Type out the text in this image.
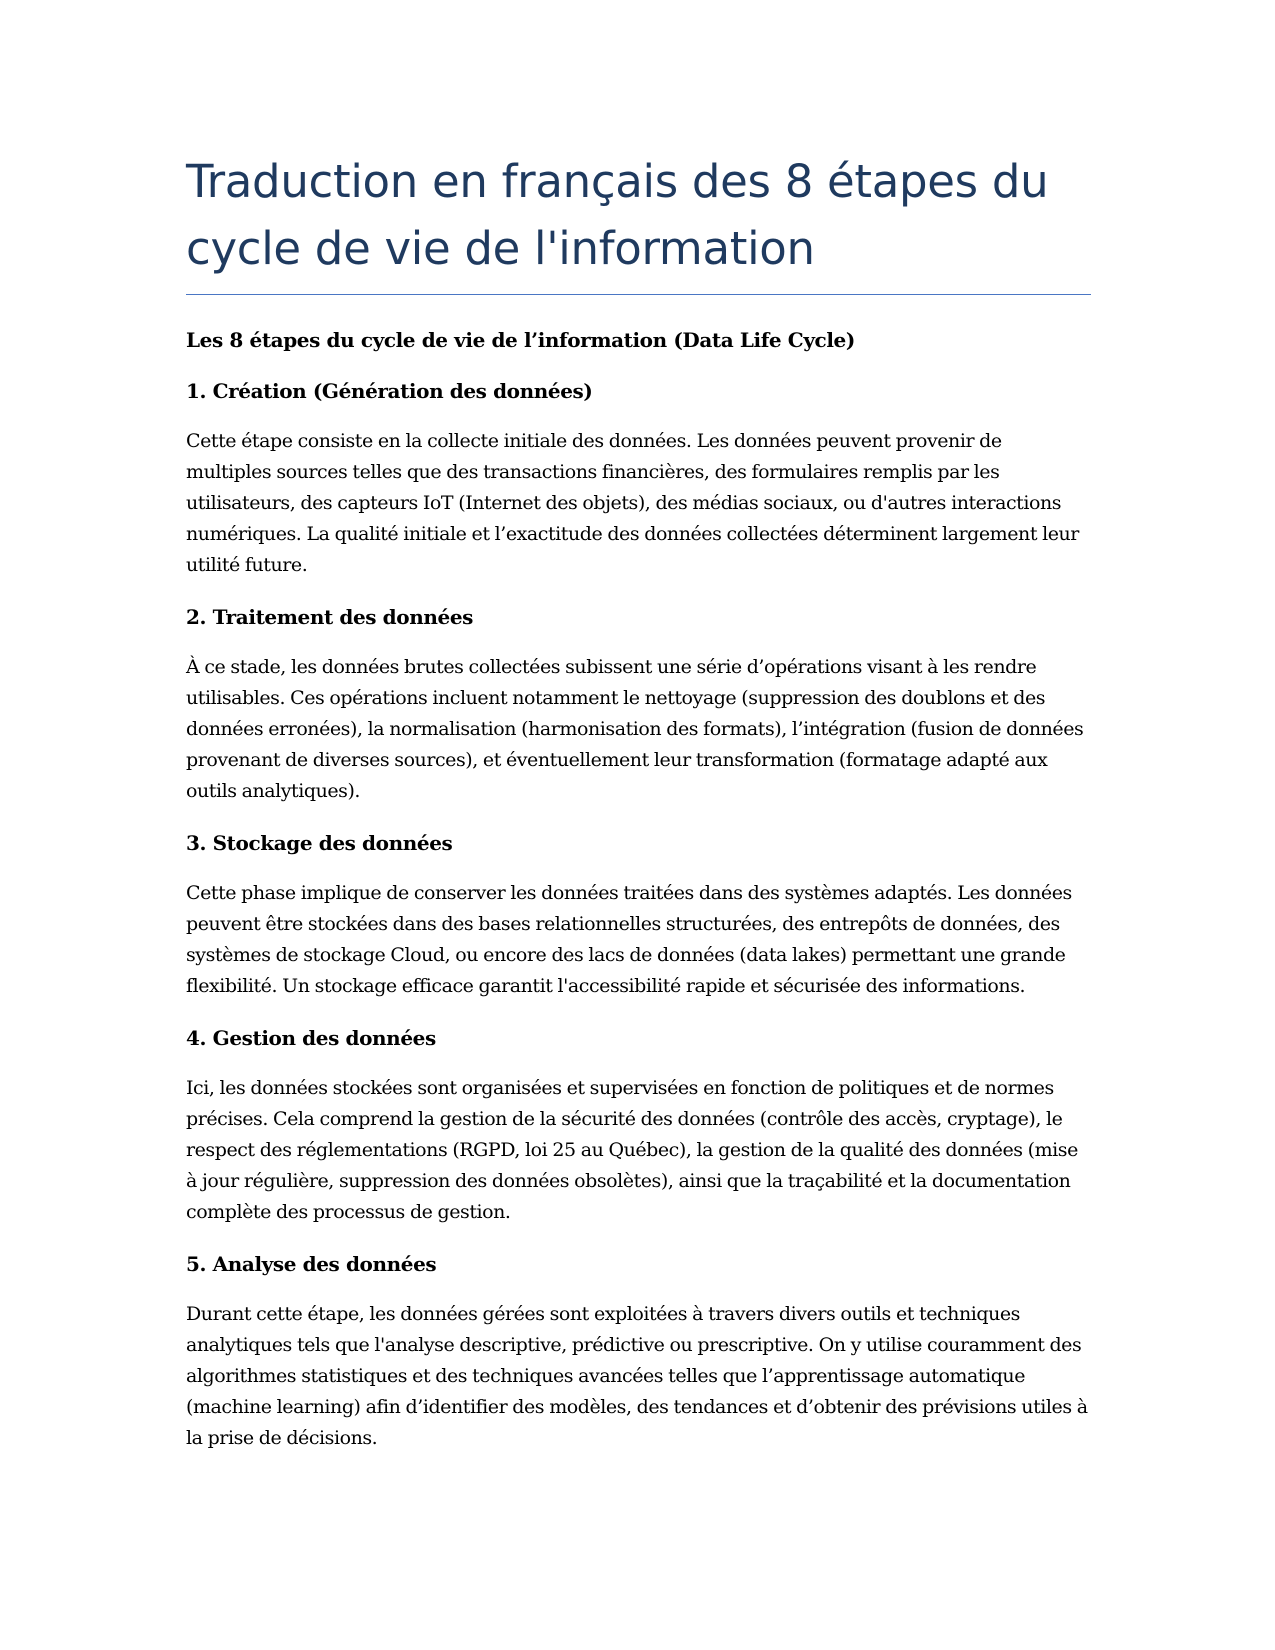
Traduction en français des 8 étapes du cycle de vie de l'information

Les 8 étapes du cycle de vie de l’information (Data Life Cycle)

1. Création (Génération des données)

Cette étape consiste en la collecte initiale des données. Les données peuvent provenir de multiples sources telles que des transactions financières, des formulaires remplis par les utilisateurs, des capteurs IoT (Internet des objets), des médias sociaux, ou d'autres interactions numériques. La qualité initiale et l’exactitude des données collectées déterminent largement leur utilité future.

2. Traitement des données

À ce stade, les données brutes collectées subissent une série d’opérations visant à les rendre utilisables. Ces opérations incluent notamment le nettoyage (suppression des doublons et des données erronées), la normalisation (harmonisation des formats), l’intégration (fusion de données provenant de diverses sources), et éventuellement leur transformation (formatage adapté aux outils analytiques).

3. Stockage des données

Cette phase implique de conserver les données traitées dans des systèmes adaptés. Les données peuvent être stockées dans des bases relationnelles structurées, des entrepôts de données, des systèmes de stockage Cloud, ou encore des lacs de données (data lakes) permettant une grande flexibilité. Un stockage efficace garantit l'accessibilité rapide et sécurisée des informations.

4. Gestion des données

Ici, les données stockées sont organisées et supervisées en fonction de politiques et de normes précises. Cela comprend la gestion de la sécurité des données (contrôle des accès, cryptage), le respect des réglementations (RGPD, loi 25 au Québec), la gestion de la qualité des données (mise à jour régulière, suppression des données obsolètes), ainsi que la traçabilité et la documentation complète des processus de gestion.

5. Analyse des données

Durant cette étape, les données gérées sont exploitées à travers divers outils et techniques analytiques tels que l'analyse descriptive, prédictive ou prescriptive. On y utilise couramment des algorithmes statistiques et des techniques avancées telles que l’apprentissage automatique (machine learning) afin d’identifier des modèles, des tendances et d’obtenir des prévisions utiles à la prise de décisions.
